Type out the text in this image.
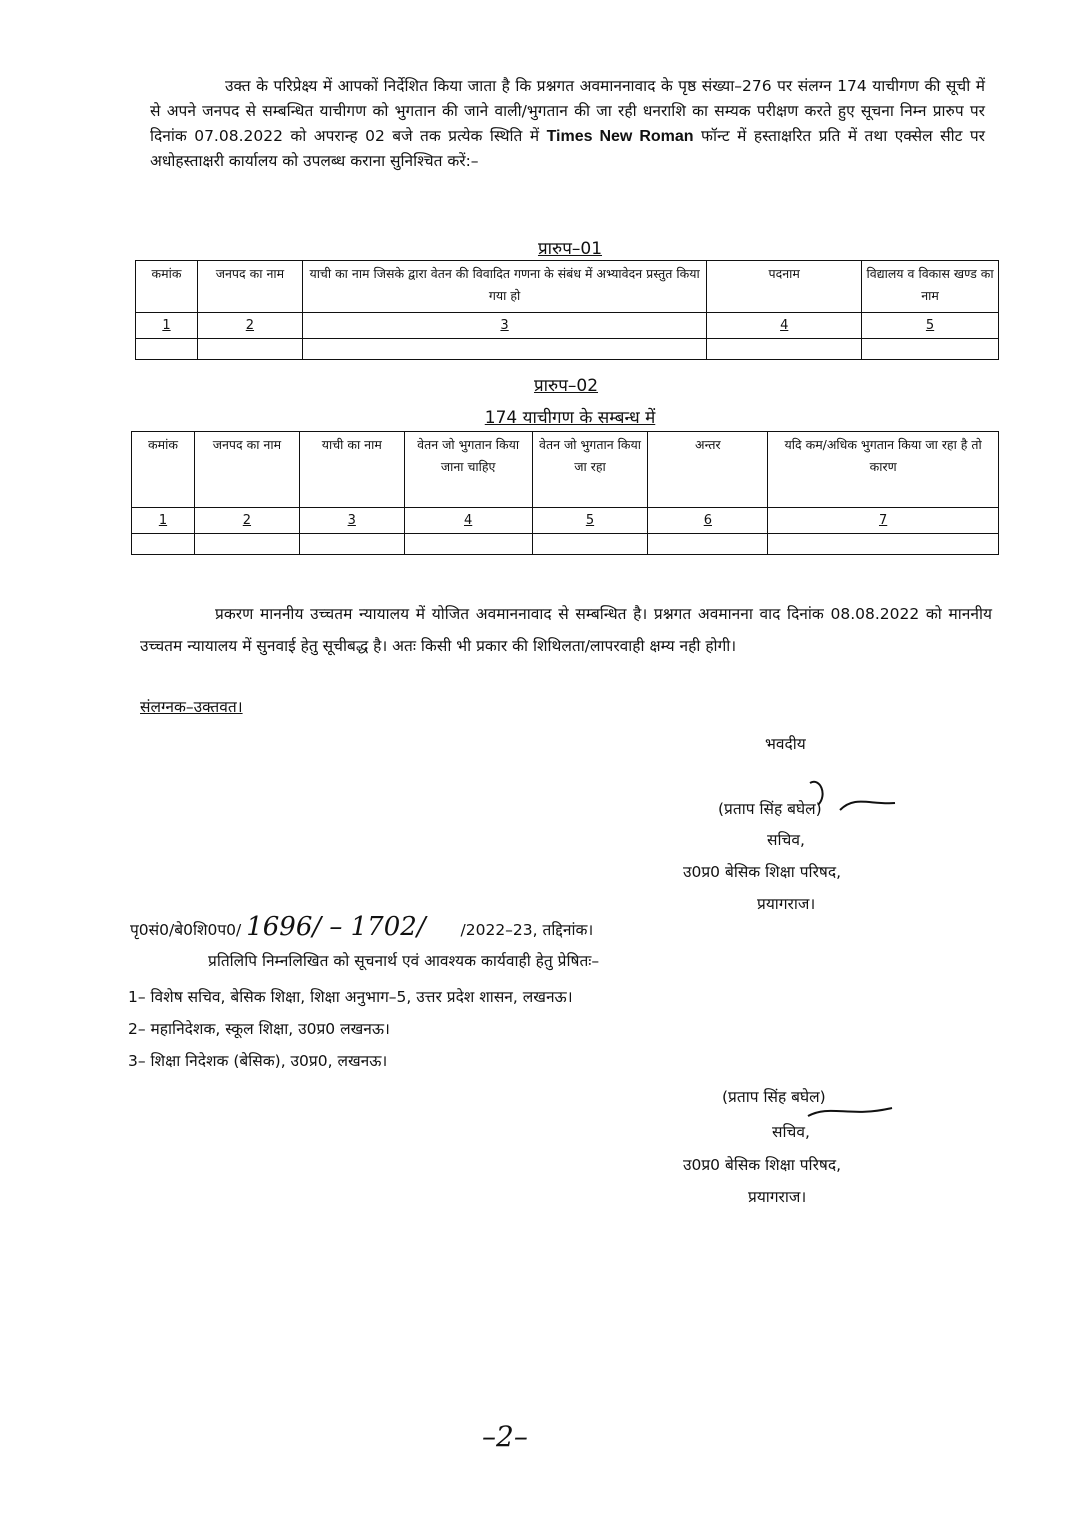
उक्त के परिप्रेक्ष्य में आपकों निर्देशित किया जाता है कि प्रश्नगत अवमाननावाद के पृष्ठ संख्या–276 पर संलग्न 174 याचीगण की सूची में से अपने जनपद से सम्बन्धित याचीगण को भुगतान की जाने वाली/भुगतान की जा रही धनराशि का सम्यक परीक्षण करते हुए सूचना निम्न प्रारुप पर दिनांक 07.08.2022 को अपरान्ह 02 बजे तक प्रत्येक स्थिति में Times New Roman फॉन्ट में हस्ताक्षरित प्रति में तथा एक्सेल सीट पर अधोहस्ताक्षरी कार्यालय को उपलब्ध कराना सुनिश्चित करें:–

प्रारुप–01
कमांक	जनपद का नाम	याची का नाम जिसके द्वारा वेतन की विवादित गणना के संबंध में अभ्यावेदन प्रस्तुत किया गया हो	पदनाम	विद्यालय व विकास खण्ड का नाम
1	2	3	4	5

प्रारुप–02
174 याचीगण के सम्बन्ध में
कमांक	जनपद का नाम	याची का नाम	वेतन जो भुगतान किया जाना चाहिए	वेतन जो भुगतान किया जा रहा	अन्तर	यदि कम/अधिक भुगतान किया जा रहा है तो कारण
1	2	3	4	5	6	7

प्रकरण माननीय उच्चतम न्यायालय में योजित अवमाननावाद से सम्बन्धित है। प्रश्नगत अवमानना वाद दिनांक 08.08.2022 को माननीय उच्चतम न्यायालय में सुनवाई हेतु सूचीबद्ध है। अतः किसी भी प्रकार की शिथिलता/लापरवाही क्षम्य नही होगी।

संलग्नक–उक्तवत।
भवदीय
(प्रताप सिंह बघेल)
सचिव,
उ0प्र0 बेसिक शिक्षा परिषद,
प्रयागराज।
पृ0सं0/बे0शि0प0/ 1696/ – 1702/ /2022–23, तद्दिनांक।
प्रतिलिपि निम्नलिखित को सूचनार्थ एवं आवश्यक कार्यवाही हेतु प्रेषितः–
1– विशेष सचिव, बेसिक शिक्षा, शिक्षा अनुभाग–5, उत्तर प्रदेश शासन, लखनऊ।
2– महानिदेशक, स्कूल शिक्षा, उ0प्र0 लखनऊ।
3– शिक्षा निदेशक (बेसिक), उ0प्र0, लखनऊ।
(प्रताप सिंह बघेल)
सचिव,
उ0प्र0 बेसिक शिक्षा परिषद,
प्रयागराज।
–2–
